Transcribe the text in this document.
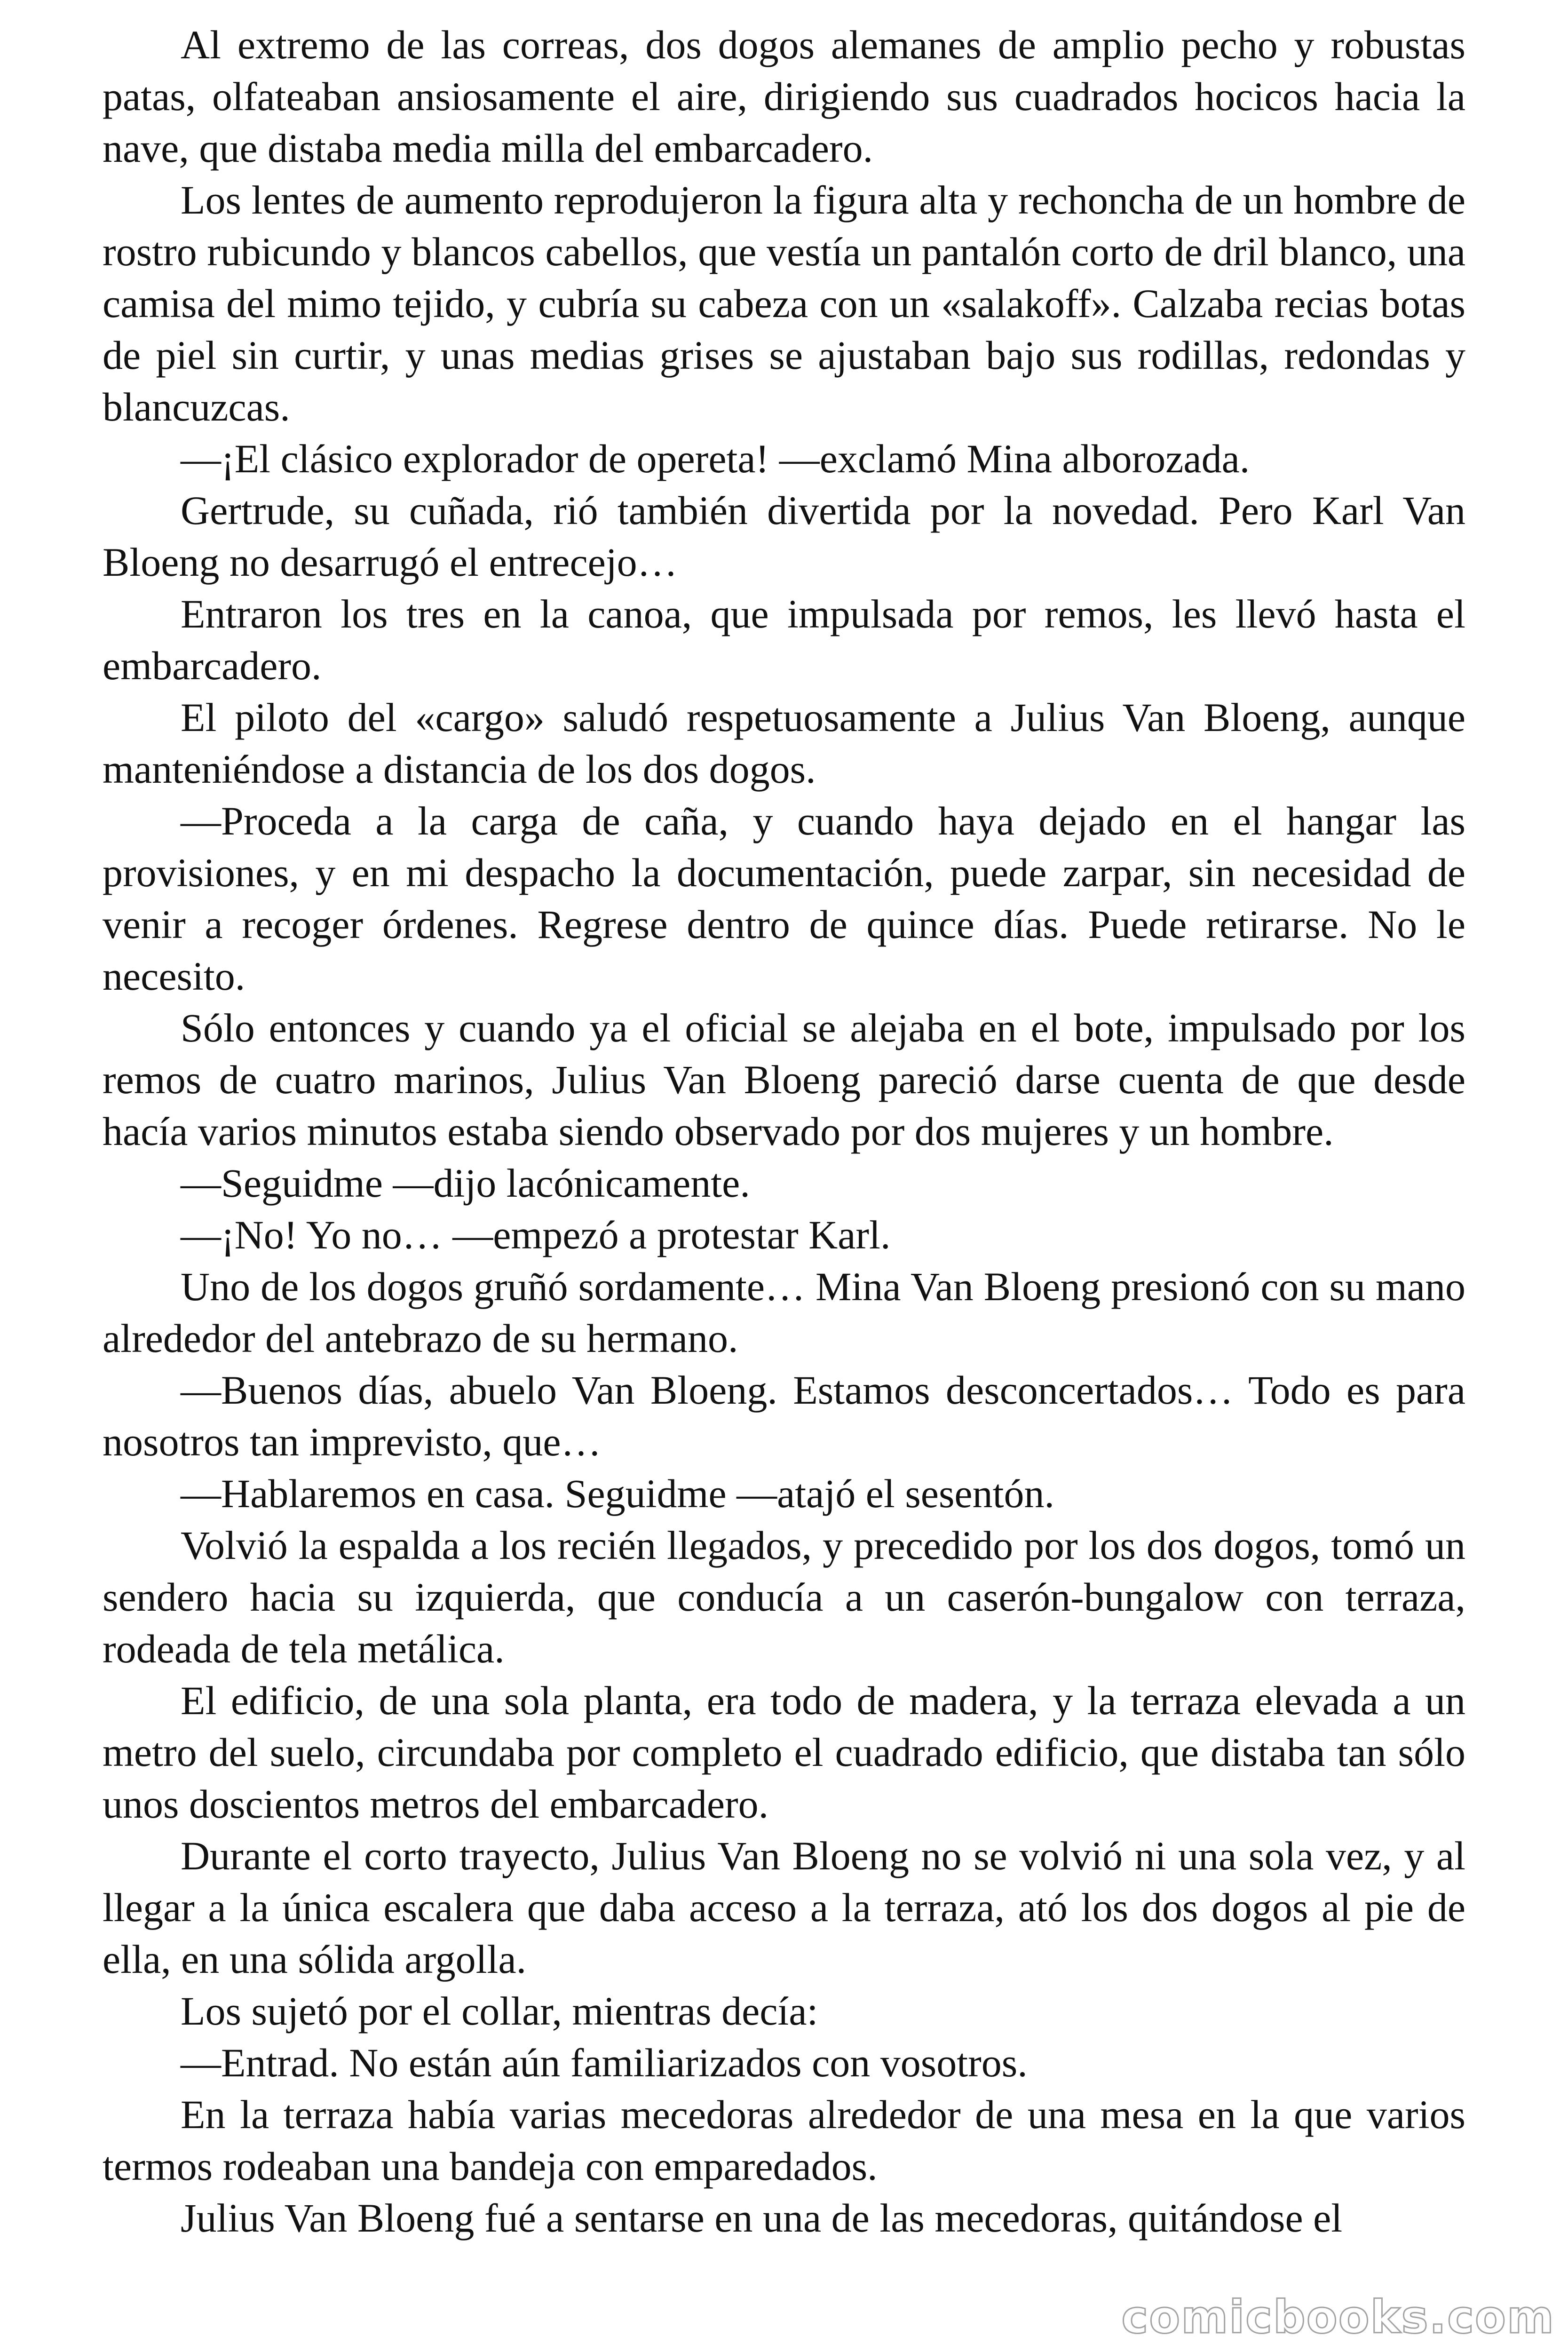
Al extremo de las correas, dos dogos alemanes de amplio pecho y robustas patas, olfateaban ansiosamente el aire, dirigiendo sus cuadrados hocicos hacia la nave, que distaba media milla del embarcadero.

Los lentes de aumento reprodujeron la figura alta y rechoncha de un hombre de rostro rubicundo y blancos cabellos, que vestía un pantalón corto de dril blanco, una camisa del mimo tejido, y cubría su cabeza con un «salakoff». Calzaba recias botas de piel sin curtir, y unas medias grises se ajustaban bajo sus rodillas, redondas y blancuzcas.

—¡El clásico explorador de opereta! —exclamó Mina alborozada.

Gertrude, su cuñada, rió también divertida por la novedad. Pero Karl Van Bloeng no desarrugó el entrecejo…

Entraron los tres en la canoa, que impulsada por remos, les llevó hasta el embarcadero.

El piloto del «cargo» saludó respetuosamente a Julius Van Bloeng, aunque manteniéndose a distancia de los dos dogos.

—Proceda a la carga de caña, y cuando haya dejado en el hangar las provisiones, y en mi despacho la documentación, puede zarpar, sin necesidad de venir a recoger órdenes. Regrese dentro de quince días. Puede retirarse. No le necesito.

Sólo entonces y cuando ya el oficial se alejaba en el bote, impulsado por los remos de cuatro marinos, Julius Van Bloeng pareció darse cuenta de que desde hacía varios minutos estaba siendo observado por dos mujeres y un hombre.

—Seguidme —dijo lacónicamente.

—¡No! Yo no… —empezó a protestar Karl.

Uno de los dogos gruñó sordamente… Mina Van Bloeng presionó con su mano alrededor del antebrazo de su hermano.

—Buenos días, abuelo Van Bloeng. Estamos desconcertados… Todo es para nosotros tan imprevisto, que…

—Hablaremos en casa. Seguidme —atajó el sesentón.

Volvió la espalda a los recién llegados, y precedido por los dos dogos, tomó un sendero hacia su izquierda, que conducía a un caserón-bungalow con terraza, rodeada de tela metálica.

El edificio, de una sola planta, era todo de madera, y la terraza elevada a un metro del suelo, circundaba por completo el cuadrado edificio, que distaba tan sólo unos doscientos metros del embarcadero.

Durante el corto trayecto, Julius Van Bloeng no se volvió ni una sola vez, y al llegar a la única escalera que daba acceso a la terraza, ató los dos dogos al pie de ella, en una sólida argolla.

Los sujetó por el collar, mientras decía:

—Entrad. No están aún familiarizados con vosotros.

En la terraza había varias mecedoras alrededor de una mesa en la que varios termos rodeaban una bandeja con emparedados.

Julius Van Bloeng fué a sentarse en una de las mecedoras, quitándose el

comicbooks.com
